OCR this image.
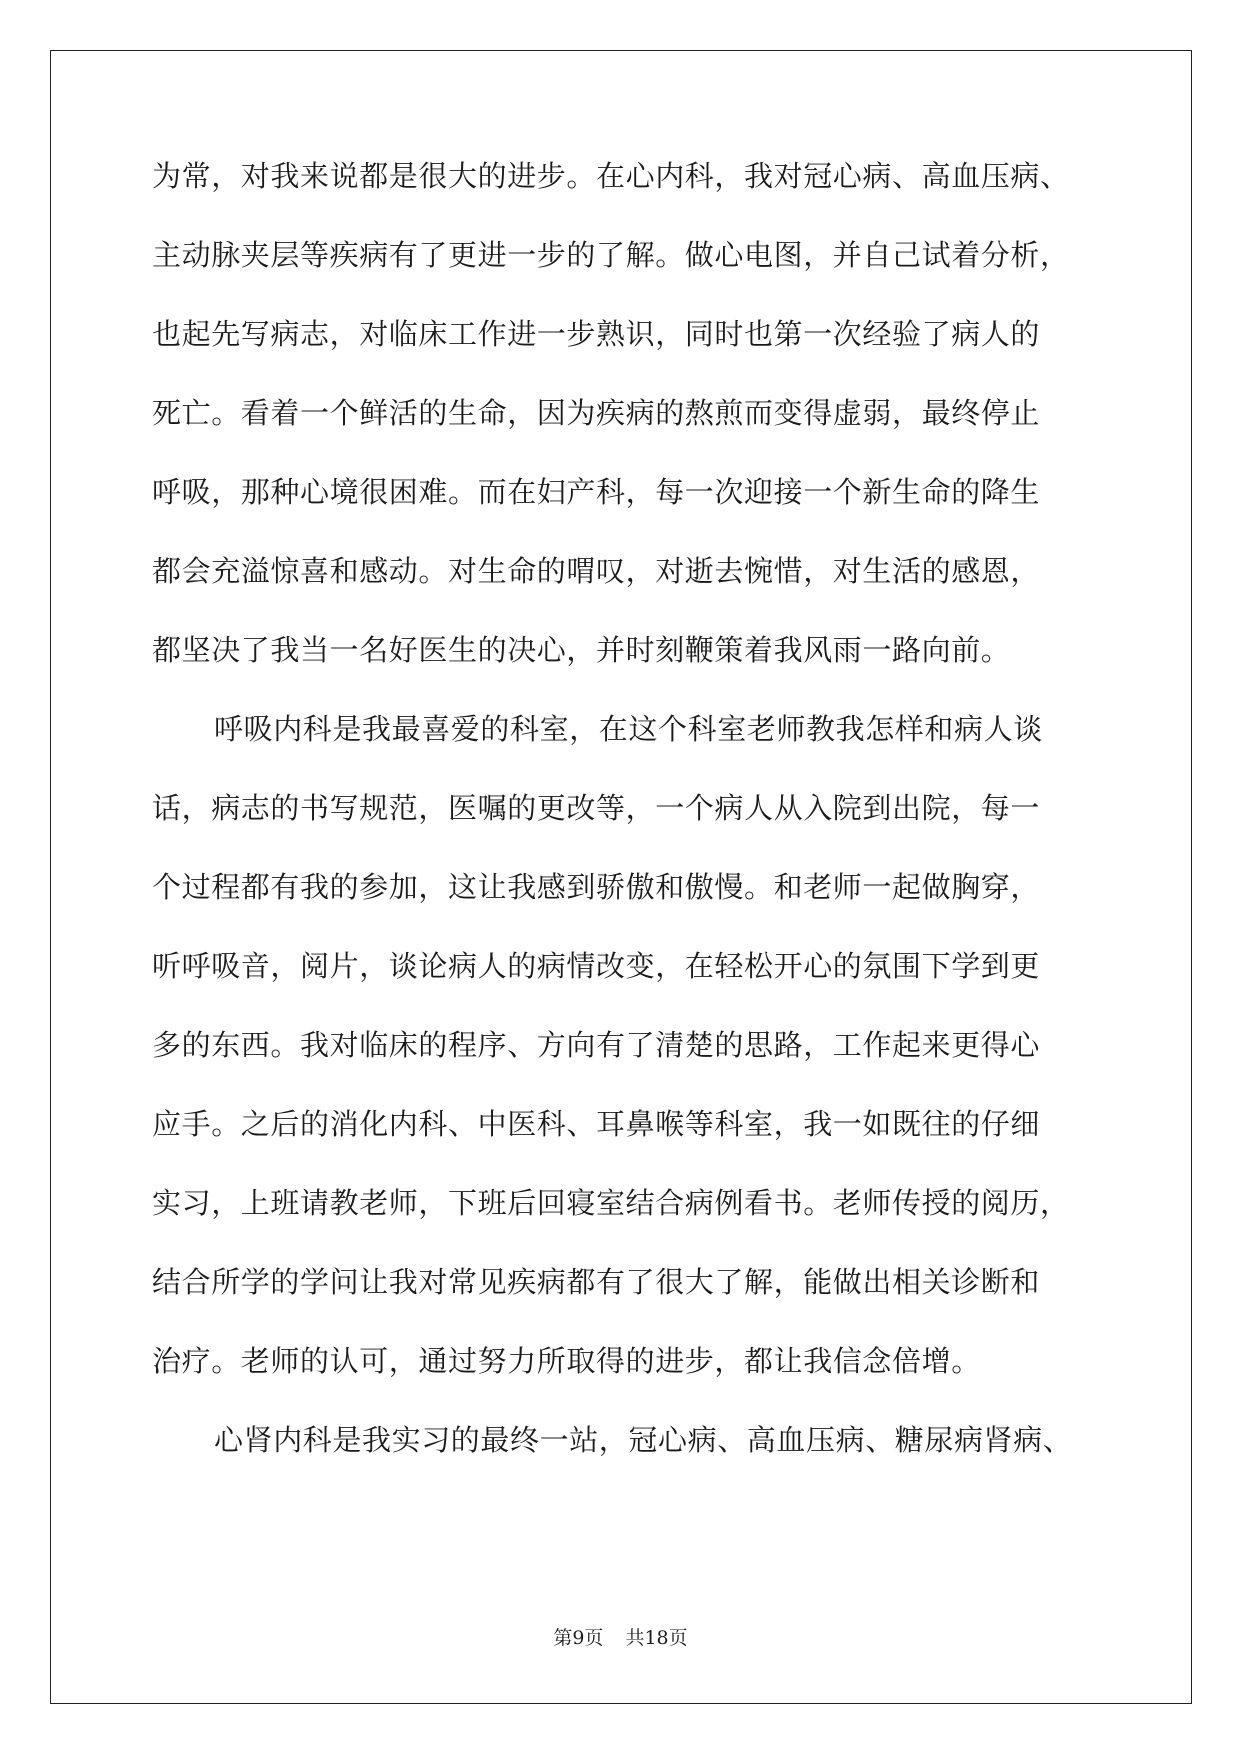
为常，对我来说都是很大的进步。在心内科，我对冠心病、高血压病、

主动脉夹层等疾病有了更进一步的了解。做心电图，并自己试着分析，

也起先写病志，对临床工作进一步熟识，同时也第一次经验了病人的

死亡。看着一个鲜活的生命，因为疾病的熬煎而变得虚弱，最终停止

呼吸，那种心境很困难。而在妇产科，每一次迎接一个新生命的降生

都会充溢惊喜和感动。对生命的喟叹，对逝去惋惜，对生活的感恩，

都坚决了我当一名好医生的决心，并时刻鞭策着我风雨一路向前。

呼吸内科是我最喜爱的科室，在这个科室老师教我怎样和病人谈

话，病志的书写规范，医嘱的更改等，一个病人从入院到出院，每一

个过程都有我的参加，这让我感到骄傲和傲慢。和老师一起做胸穿，

听呼吸音，阅片，谈论病人的病情改变，在轻松开心的氛围下学到更

多的东西。我对临床的程序、方向有了清楚的思路，工作起来更得心

应手。之后的消化内科、中医科、耳鼻喉等科室，我一如既往的仔细

实习，上班请教老师，下班后回寝室结合病例看书。老师传授的阅历，

结合所学的学问让我对常见疾病都有了很大了解，能做出相关诊断和

治疗。老师的认可，通过努力所取得的进步，都让我信念倍增。

心肾内科是我实习的最终一站，冠心病、高血压病、糖尿病肾病、

第9页 共18页
